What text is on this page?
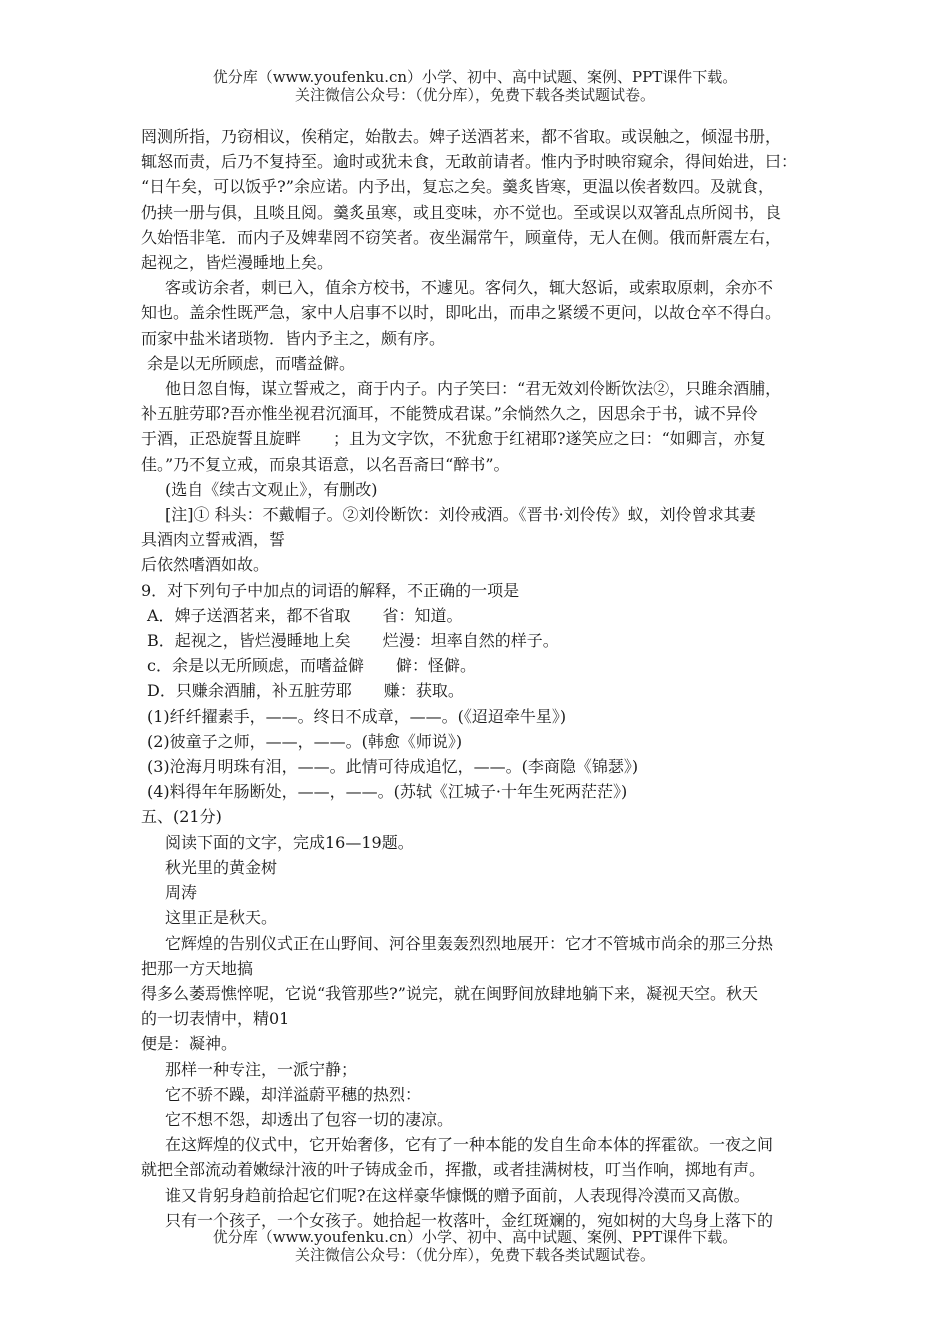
优分库（www.youfenku.cn）小学、初中、高中试题、案例、PPT课件下载。
关注微信公众号：（优分库），免费下载各类试题试卷。

罔测所指，乃窃相议，俟稍定，始散去。婢子送酒茗来，都不省取。或误触之，倾湿书册，

辄怒而责，后乃不复持至。逾时或犹未食，无敢前请者。惟内予时映帘窥余，得间始进，曰：

“日午矣，可以饭乎?”余应诺。内予出，复忘之矣。羹炙皆寒，更温以俟者数四。及就食，

仍挟一册与俱，且啖且阅。羹炙虽寒，或且变味，亦不觉也。至或误以双箸乱点所阅书，良

久始悟非笔．而内子及婢辈罔不窃笑者。夜坐漏常午，顾童侍，无人在侧。俄而鼾震左右，

起视之，皆烂漫睡地上矣。

客或访余者，刺已入，值余方校书，不遽见。客伺久，辄大怒诟，或索取原刺，余亦不

知也。盖余性既严急，家中人启事不以时，即叱出，而串之紧缓不更问，以故仓卒不得白。

而家中盐米诸琐物．皆内予主之，颇有序。

余是以无所顾虑，而嗜益僻。

他日忽自悔，谋立誓戒之，商于内子。内子笑曰：“君无效刘伶断饮法②，只雎余酒脯，

补五脏劳耶?吾亦惟坐视君沉湎耳，不能赞成君谋。”余惝然久之，因思余于书，诚不异伶

于酒，正恐旋誓且旋畔　　；且为文字饮，不犹愈于红裙耶?遂笑应之曰：“如卿言，亦复

佳。”乃不复立戒，而泉其语意，以名吾斋曰“醉书”。

(选自《续古文观止》，有删改)

[注]① 科头：不戴帽子。②刘伶断饮：刘伶戒酒。《晋书·刘伶传》蚁，刘伶曾求其妻

具酒肉立誓戒酒，誓

后依然嗜酒如故。

9．对下列句子中加点的词语的解释，不正确的一项是

A．婢子送酒茗来，都不省取　　省：知道。

B．起视之，皆烂漫睡地上矣　　烂漫：坦率自然的样子。

c．余是以无所顾虑，而嗜益僻　　僻：怪僻。

D．只赚余酒脯，补五脏劳耶　　赚：获取。

(1)纤纤擢素手，——。终日不成章，——。(《迢迢牵牛星》)

(2)彼童子之师，——，——。(韩愈《师说》)

(3)沧海月明珠有泪，——。此情可待成追忆，——。(李商隐《锦瑟》)

(4)料得年年肠断处，——，——。(苏轼《江城子·十年生死两茫茫》)

五、(21分)

阅读下面的文字，完成16—19题。

秋光里的黄金树

周涛

这里正是秋天。

它辉煌的告别仪式正在山野间、河谷里轰轰烈烈地展开：它才不管城市尚余的那三分热

把那一方天地搞

得多么萎焉憔悴呢，它说“我管那些?”说完，就在闽野间放肆地躺下来，凝视天空。秋天

的一切表情中，精01

便是：凝神。

那样一种专注，一派宁静；

它不骄不躁，却洋溢蔚平穗的热烈：

它不想不怨，却透出了包容一切的凄凉。

在这辉煌的仪式中，它开始奢侈，它有了一种本能的发自生命本体的挥霍欲。一夜之间

就把全部流动着嫩绿汁液的叶子铸成金币，挥撒，或者挂满树枝，叮当作响，掷地有声。

谁又肯躬身趋前拾起它们呢?在这样豪华慷慨的赠予面前，人表现得冷漠而又高傲。

只有一个孩子，一个女孩子。她拾起一枚落叶，金红斑斓的，宛如树的大鸟身上落下的

优分库（www.youfenku.cn）小学、初中、高中试题、案例、PPT课件下载。
关注微信公众号：（优分库），免费下载各类试题试卷。
